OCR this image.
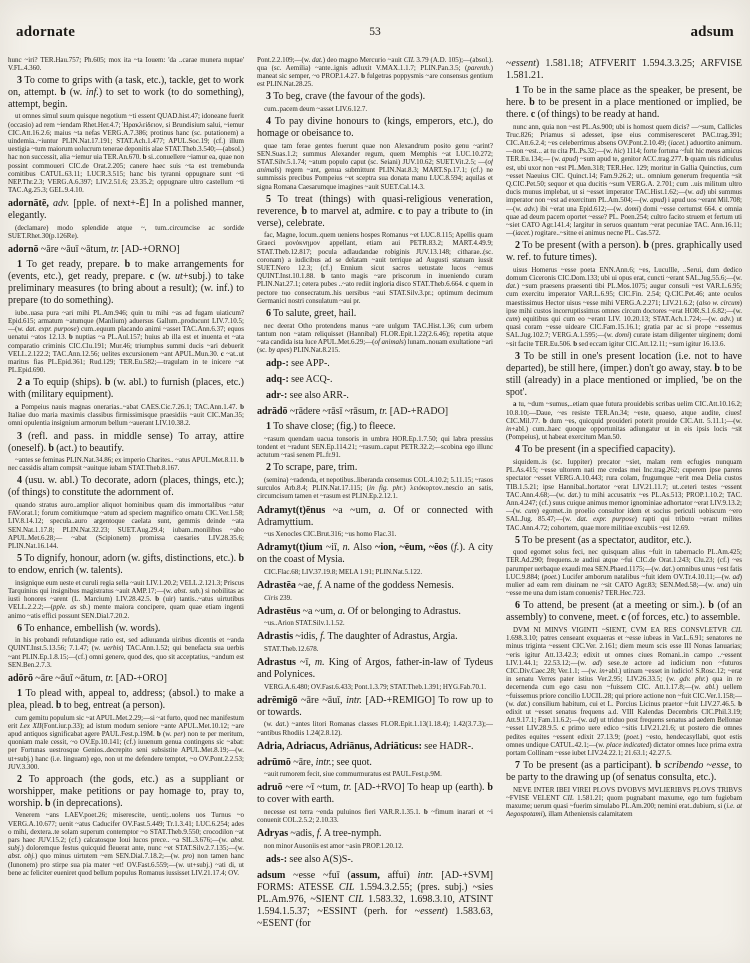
adornate	53	adsum

hunc ~iri? TER.Hau.757; Ph.605; mox ita ~ta Iouem: 'da ..carae munera nuptae' V.FL.4.360.

3 To come to grips with (a task, etc.), tackle, get to work on, attempt. b (w. inf.) to set to work (to do something), attempt, begin.

ut omnes simul suum quisque negotium ~ti essent QUAD.hist.47; idoneane fuerit (occasio) ad rem ~iendam Rhet.Her.4.7; Ἡρακλείδειον, si Brundisium salui, ~iemur CIC.Att.16.2.6; maius ~ta nefas VERG.A.7.386; protinus hanc (sc. putationem) a uindemia..~iuntur PLIN.Nat.17.191; STAT.Ach.1.477; APUL.Soc.19; (cf.) illum uestigia ~tum maiorum uolucrum tenerae deponitis alae STAT.Theb.3.540;—(absol.) hac non successit, alia ~iemur uia TER.An.670. b si..conuellere ~iamur ea, quae non possint commoueri CIC.de Orat.2.205; canere haec suis ~ta est tremebunda comitibus CATUL.63.11; LUCR.3.515; hanc bis tyranni oppugnare sunt ~ti NEP.Thr.2.3; VERG.A.6.397; LIV.2.51.6; 23.35.2; oppugnare ultro castellum ~ti TAC.Ag.25.3; GEL.9.4.10.

adornātē, adv. [pple. of next+-Ē] In a polished manner, elegantly.

(declamare) modo splendide atque ~, tum..circumcise ac sordide SUET.Rhet.30(p.126Re).

adornō ~āre ~āuī ~ātum, tr. [AD-+ORNO]

1 To get ready, prepare. b to make arrangements for (events, etc.), get ready, prepare. c (w. ut+subj.) to take preliminary measures (to bring about a result); (w. inf.) to prepare (to do something).

iube..uasa pura ~ari mihi PL.Am.946; quin tu mihi ~as ad fugam uiaticum? Epid.615; armatum ~atumque (Manlium) aduersus Gallum..producunt LIV.7.10.5;—(w. dat. expr. purpose) cum..equum placando animi ~asset TAC.Ann.6.37; equos uenatui ~atos 12.13. b nuptias ~a PL.Aul.157; huius ab illa est et inuenta et ~ata comparatio criminis CIC.Clu.191; Mur.46; triumphus summi ducis ~ari debuerit VELL.2.122.2; TAC.Ann.12.56; uelites excursionem ~ant APUL.Mun.30. c ~at..ut maritus fias PL.Epid.361; Rud.129; TER.Eu.582;—tragulam in te inicere ~at PL.Epid.690.

2 a To equip (ships). b (w. abl.) to furnish (places, etc.) with (military equipment).

a Pompeius nauis magnas onerarias..~abat CAES.Cic.7.26.1; TAC.Ann.1.47. b Italiae duo maria maximis classibus firmissimisque praesidiis ~auit CIC.Man.35; omni opulentia insignium armorum bellum ~auerant LIV.10.38.2.

3 (refl. and pass. in middle sense) To array, attire (oneself). b (act.) to beautify.

~antes se feminas PLIN.Nat.34.86; ex imperio Charites.. ~atus APUL.Met.8.11. b nec cassidis altam compsit ~auitque iubam STAT.Theb.8.167.

4 (usu. w. abl.) To decorate, adorn (places, things, etc.); (of things) to constitute the adornment of.

quando stratus auro..amplior aliquot hominibus quam dis immortalibus ~atur FAV.orat.1; forum comitiumque ~atum ad speciem magnifico ornatu CIC.Ver.1.58; LIV.8.14.12; specula..auro argentoque caelata sunt, gemmis deinde ~ata SEN.Nat.1.17.8; PLIN.Nat.32.23; SUET.Aug.29.4; iubam..monilibus ~abo APUL.Met.6.28;— ~abat (Scipionem) promissa caesaries LIV.28.35.6; PLIN.Nat.16.144.

5 To dignify, honour, adorn (w. gifts, distinctions, etc.). b to endow, enrich (w. talents).

insignique eum ueste et curuli regia sella ~auit LIV.1.20.2; VELL.2.121.3; Priscus Tarquinius qui insignibus magistratus ~auit AMP.17;—(w. abst. sub.) si nobilitas ac iusti honores ~arent (L. Marcium) LIV.28.42.5. b (uir) tantis..~atus uirtutibus VELL.2.2.2;—(pple. as sb.) mente maiora concipere, quam quae etiam ingenti animo ~atis effici possunt SEN.Dial.7.20.2.

6 To enhance, embellish (w. words).

in his probandi refutandique ratio est, sed adiuuanda uiribus dicentis et ~anda QUINT.Inst.5.13.56; 7.1.47; (w. uerbis) TAC.Ann.1.52; qui benefacta sua uerbis ~ant PLIN.Ep.1.8.15;—(cf.) omni genere, quod des, quo sit acceptatius, ~andum est SEN.Ben.2.7.3.

adōrō ~āre ~āuī ~ātum, tr. [AD-+ORO]

1 To plead with, appeal to, address; (absol.) to make a plea, plead. b to beg, entreat (a person).

cum gemitu populum sic ~at APUL.Met.2.29;—si ~at furto, quod nec manifestum erit Lex XII(Font.iur.p.33); ad istum modum seniore ~ante APUL.Met.10.12; ~are apud antiquos significabat agere PAUL.Fest.p.19M. b (w. per) non te per meritum, quoniam male cessit, ~o OV.Ep.10.141; (cf.) iuuenum genua contingens sic ~abat: per Fortunas uestrosque Genios..decrepito seni subsistite APUL.Met.8.19;—(w. ut+subj.) hanc (i.e. linguam) ego, non ut me defendere temptet, ~o OV.Pont.2.2.53; JUV.3.300.

2 To approach (the gods, etc.) as a suppliant or worshipper, make petitions or pay homage to, pray to, worship. b (in deprecations).

Venerem ~ans LAEV.poet.26; miserescite, uenti;..uolens uos Turnus ~o VERG.A.10.677; uenit ~atus Caducifer OV.Fast.5.449; Tr.1.3.41; LUC.6.254; ades o mihi, dextera..te solam superum contemptor ~o STAT.Theb.9.550; crocodilon ~at pars haec JUV.15.2; (cf.) calcatosque Ioui lucos prece.. ~a SIL.3.676;—(w. abst. subj.) doloremque festus quicquid fleuerat ante, nunc ~et STAT.Silv.2.7.135;—(w. abst. obj.) quo minus uirtutem ~em SEN.Dial.7.18.2;—(w. pro) non tamen hanc (Iunonem) pro stirpe sua pia mater ~et! OV.Fast.6.559;—(w. ut+subj.) ~ati di, ut bene ac feliciter eueniret quod bellum populus Romanus iussisset LIV.21.17.4; OV.

Pont.2.2.109;—(w. dat.) deo magno Mercurio ~auit CIL 3.79 (A.D. 105);—(absol.). qua (sc. Aemilia) ~ante..ignis adluxit V.MAX.1.1.7; PLIN.Pan.3.5; (parenth.) maneat sic semper, ~o PROP.1.4.27. b fulgetras poppysmis ~are consensus gentium est PLIN.Nat.28.25.

3 To beg, crave (the favour of the gods).

cum..pacem deum ~asset LIV.6.12.7.

4 To pay divine honours to (kings, emperors, etc.), do homage or obeisance to.

quae tam ferae gentes fuerunt quae non Alexandrum posito genu ~arint? SEN.Suas.1.2; summus Alexander regum, quem Memphis ~at LUC.10.272; STAT.Silv.5.1.74; ~atum populo caput (sc. Seiani) JUV.10.62; SUET.Vit.2.5; —(of animals) regem ~ant, genua submittunt PLIN.Nat.8.3; MART.Sp.17.1; (cf.) ne summissis precibus Pompeius ~et sceptra sua donata manu LUC.8.594; aquilas et signa Romana Caesarumque imagines ~auit SUET.Cal.14.3.

5 To treat (things) with quasi-religious veneration, reverence, b to marvel at, admire. c to pay a tribute to (in verse), celebrate.

fac, Magne, locum..quem ueniens hospes Romanus ~et LUC.8.115; Apellis quam Graeci μονόκνημον appellant, etiam aui PETR.83.2; MART.4.49.9; STAT.Theb.12.817; pocula adlaudandae robiginis JUV.13.148; citharae..(sc. coronam) a iudicibus ad se delatam ~auit terrique ad Augusti statuam iussit SUET.Nero 12.3; (cf.) Ennium sicut sacros uetustate lucos ~emus QUINT.Inst.10.1.88. b tanto magis ~are priscorum in inueniendo curam PLIN.Nat.27.1; cetera pubes ..~ato rediit ingloria disco STAT.Theb.6.664. c quem in pectore tuo consecratum..his uersibus ~aui STAT.Silv.3.pr.; optimum decimum Germanici nostri consulatum ~aui pr.

6 To salute, greet, hail.

nec deerat Otho protendens manus ~are uulgum TAC.Hist.1.36; cum urbem tantum non ~atam reliquisset (Hannibal) FLOR.Epit.1.22(2.6.46); repetita atque ~ata candida ista luce APUL.Met.6.29;—(of animals) lunam..nouam exultatione ~ari (sc. by apes) PLIN.Nat.8.215.

adp-: see APP-.

adq-: see ACQ-.

adr-: see also ARR-.

adrādō ~rādere ~rāsī ~rāsum, tr. [AD-+RADO]

1 To shave close; (fig.) to fleece.

~rasum quendam uacua tonsoris in umbra HOR.Ep.1.7.50; qui labra pressius tondent et ~radunt SEN.Ep.114.21; ~rasum..caput PETR.32.2;—scobina ego illunc actutum ~rasi senem PL.fr.91.

2 To scrape, pare, trim.

(semina) ~radenda, et nepotibus..liberanda censemus COL.4.10.2; 5.11.15; ~rasos surculos Arb.8.4; PLIN.Nat.17.115; (in fig. phr.) λειόκυρτον..nescio an satis, circumcisum tamen et ~rasum est PLIN.Ep.2.12.1.

Adramyt(t)ēnus ~a ~um, a. Of or connected with Adramyttium.

~us Xenocles CIC.Brut.316; ~us homo Flac.31.

Adramyt(t)ium ~iī, n. Also ~ion, ~ēum, ~ēos (f.). A city on the coast of Mysia.

CIC.Flac.68; LIV.37.19.8; MELA 1.91; PLIN.Nat.5.122.

Adrastēa ~ae, f. A name of the goddess Nemesis.

Ciris 239.

Adrastēus ~a ~um, a. Of or belonging to Adrastus.

~us..Arion STAT.Silv.1.1.52.

Adrastis ~idis, f. The daughter of Adrastus, Argia.

STAT.Theb.12.678.

Adrastus ~ī, m. King of Argos, father-in-law of Tydeus and Polynices.

VERG.A.6.480; OV.Fast.6.433; Pont.1.3.79; STAT.Theb.1.391; HYG.Fab.70.1.

adrēmigō ~āre ~āuī, intr. [AD-+REMIGO] To row up to or towards.

(w. dat.) ~antes litori Romanas classes FLOR.Epit.1.13(1.18.4); 1.42(3.7.3);— ~antibus Rhodiis 1.24(2.8.12).

Adria, Adriacus, Adriānus, Adriāticus: see HADR-.

adrūmō ~āre, intr.; see quot.

~auit rumorem fecit, siue commurmuratus est PAUL.Fest.p.9M.

adruō ~ere ~ī ~tum, tr. [AD-+RVO] To heap up (earth). b to cover with earth.

necesse est terra ~enda puluinos fieri VAR.R.1.35.1. b ~fimum inarari et ~i conuenit COL.2.5.2; 2.10.33.

Adryas ~adis, f. A tree-nymph.

non minor Ausoniis est amor ~asin PROP.1.20.12.

ads-: see also A(S)S-.

adsum ~esse ~fuī (assum, affui) intr. [AD-+SVM] FORMS: ATESSE CIL 1.594.3.2.55; (pres. subj.) ~sies PL.Am.976, ~SIENT CIL 1.583.32, 1.698.3.10, ATSINT 1.594.1.5.37; ~ESSINT (perh. for ~essent) 1.583.63, ~ESENT (for

~essent) 1.581.18; ATFVERIT 1.594.3.3.25; ARFVISE 1.581.21.

1 To be in the same place as the speaker, be present, be here. b to be present in a place mentioned or implied, be there. c (of things) to be ready at hand.

nunc ann, quia non ~est PL.As.900; ubi is homost quem dicis? —~sum, Callicles Truc.826; Priamus si adesset, ipse eius commiseresceret PAC.trag.391; CIC.Att.6.2.4; ~es celeberrimus absens OV.Pont.2.10.49; (iacet.) aduortito animum. —non ~est... at tu cita PL.Ps.32;—(w. hic) 1114; forte fortuna ~fuit hic meus amicus TER.Eu.134;— (w. apud) ~sum apud te, genitor ACC.trag.277. b quam uis ridiculus est, ubi uxor non ~est PL.Men.318; TER.Hec. 129; moritur in Gallia Quinctius, cum ~esset Naeuius CIC. Quinct.14; Fam.9.26.2; ut.. omnium generum frequentia ~sit Q.CIC.Pet.50; sequor et qua ducitis ~sum VERG.A. 2.701; cum ..uis militum ultro ducis munus implebat, ut si ~esset imperator TAC.Hist.1.62;—(w. ad) ubi summus imperator non ~est ad exercitum PL.Am.504;—(w. apud) i apud uos ~erant Mil.708;—(w. adv.) ibi ~erat una Epid.612;—(w. domi) domi ~esse certumst 664. c omnia quae ad deum pacem oportet ~esse? PL. Poen.254; cultro facito struem et fertum uti ~siet CATO Agr.141.4; largitur in seruos quantum ~erat pecuniae TAC. Ann.16.11;—(iacet.) rogitare..~sitne ei animus necne PL. Cas.572.

2 To be present (with a person). b (pres. graphically used w. ref. to future times).

uisus Homerus ~esse poeta ENN.Ann.6; ~es, Lucullle, ..Serui, dum dedico domum Ciceronis CIC.Dom.133; ubi ui opus erat, cuncti ~erant SAL.Jug.55.6;—(w. dat.) ~sum praesens praesenti tibi PL.Mos.1075; augur consuli ~est VAR.L.6.95; cum exercitu imperator VAR.L.6.95; CIC.Fin. 2.54; Q.CIC.Pet.46; ante oculos maestissimus Hector uisus ~esse mihi VERG.A.2.271; LIV.21.6.2; (also w. circum) ipse mihi custos incorruptissimus omnes circum doctores ~erat HOR.S.1.6.82;—(w. cum) equitibus qui cum eo ~erant LIV. 10.20.13; STAT.Ach.1.724;—(w. adv.) ut quasi coram ~esse uideare CIC.Fam.15.16.1; gratia par ac si prope ~essemus SAL.Jug.102.7; VERG.A.1.595;—(w. domi) curate istam diligenter uirginem; domi ~sit facite TER.Eu.506. b sed eccam igitur CIC.Att.12.11; ~sum igitur 16.13.6.

3 To be still in one's present location (i.e. not to have departed), be still here, (imper.) don't go away, stay. b to be still (already) in a place mentioned or implied, 'be on the spot'.

a tu, ~dum ~sumus,..etiam quae futura prouidebis scribas uelim CIC.Att.10.16.2; 10.8.10;—Daue, ~es resiste TER.An.34; ~este, quaeso, atque audite, ciues! CIC.Mil.77. b dum ~es, quicquid prouideri poterit prouide CIC.Att. 5.11.1;—(w. in+abl.) cum..haec quoque opportunitas adiungatur ut in eis ipsis locis ~sit (Pompeius), ut habeat exercitum Man.50.

4 To be present (in a specified capacity).

siquidem..is (sc. Iuppiter) precator ~siet, malam rem ecfugies nunquam PL.As.415; ~esse ultorem nati me credas mei Inc.trag.262; cuperem ipse parens spectator ~esset VERG.A.10.443; rura colam, frugumque ~erit mea Delia custos TIB.1.5.21; ipse Hannibal..hortator ~erat LIV.21.11.7; ut..ceteri testes ~essent TAC.Ann.4.68;—(w. dat.) tu mihi accusatrix ~es PL.As.513; PROP.1.10.2; TAC. Ann.4.247; (cf.) suus cuique animus memor ignominiae adhortator ~erat LIV.9.13.2;—(w. cum) egomet..in proelio consultor idem et socius periculi uobiscum ~ero SAL.Jug. 85.47;—(w. dat. expr. purpose) rapti qui tributo ~erant milites TAC.Ann.4.72; cohortem, quae more militiae excubiis ~est 12.69.

5 To be present (as a spectator, auditor, etc.).

quod egomet solus feci, nec quisquam alius ~fuit in tabernaclo PL.Am.425; TER.Ad.290; frequens..te audiui atque ~fui CIC.de Orat.1.243; Clu.23; (cf.) ~es parumper uerbaque exaudi mea SEN.Phaed.1175;—(w. dat.) omnibus unus ~est fatis LUC.9.884; (poet.) Lucifer amborum natalibus ~fuit idem OV.Tr.4.10.11;—(w. ad) mulier ad eam rem diuinam ne ~sit CATO Agr.83; SEN.Med.58;—(w. una) uin ~esse me una dum istam conuenis? TER.Hec.723.

6 To attend, be present (at a meeting or sim.). b (of an assembly) to convene, meet. c (of forces, etc.) to assemble.

DVM NI MINVS VIGINTI ~SIENT, CVM EA RES CONSVLETVR CIL 1.698.3.10; patres censeant exquaeras et ~esse iubeas in Var.L.6.91; senatores ne minus triginta ~essent CIC.Ver. 2.161; diem meum scis esse III Nonas Ianuarias; ~eris igitur Att.13.42.3; edixit ut omnes ciues Romani..in campo ..~essent LIV.1.44.1; 22.53.12;—(w. ad) sese..te actore ad iudicium non ~futuros CIC.Div.Caec.28; Ver.1.1; —(w. in+abl.) utinam ~esset in iudicio! S.Rosc.12; ~erat in senatu Verres pater istius Ver.2.95; LIV.26.33.5; (w. gdv. phr.) qua in re decernenda cum ego casu non ~fuissem CIC. Att.1.17.8;—(w. abl.) uellem ~fuissemus priore concilio LUCIL.28; qui priore actione non ~fuit CIC.Ver.1.158;— (w. dat.) consilium habitum, cui et L. Porcius Licinus praetor ~fuit LIV.27.46.5. b edixit ut ~esset senatus frequens a.d. VIII Kalendas Decembris CIC.Phil.3.19; Att.9.17.1; Fam.11.6.2;—(w. ad) ut triduo post frequens senatus ad aedem Bellonae ~esset LIV.28.9.5. c primo uere edico ~sitis LIV.21.21.6; ut postero die omnes pedites equites ~essent edixit 27.13.9; (poet.) ~esto, hendecasyllabi, quot estis omnes undique CATUL.42.1;—(w. place indicated) dictator omnes luce prima extra portam Collinam ~esse iubet LIV.24.22.1; 21.63.1; 42.27.5.

7 To be present (as a participant). b scribendo ~esse, to be party to the drawing up (of senatus consulta, etc.).

NEVE INTER IBEI VIREI PLOVS DVOBVS MVLIERIBVS PLOVS TRIBVS ~FVISE VELENT CIL 1.581.21; quom pugnabant maxume, ego tum fugiebam maxume; uerum quasi ~fuerim simulabo PL.Am.200; nemini erat..dubium, si (i.e. at Aegospotami), illam Atheniensis calamitatem
